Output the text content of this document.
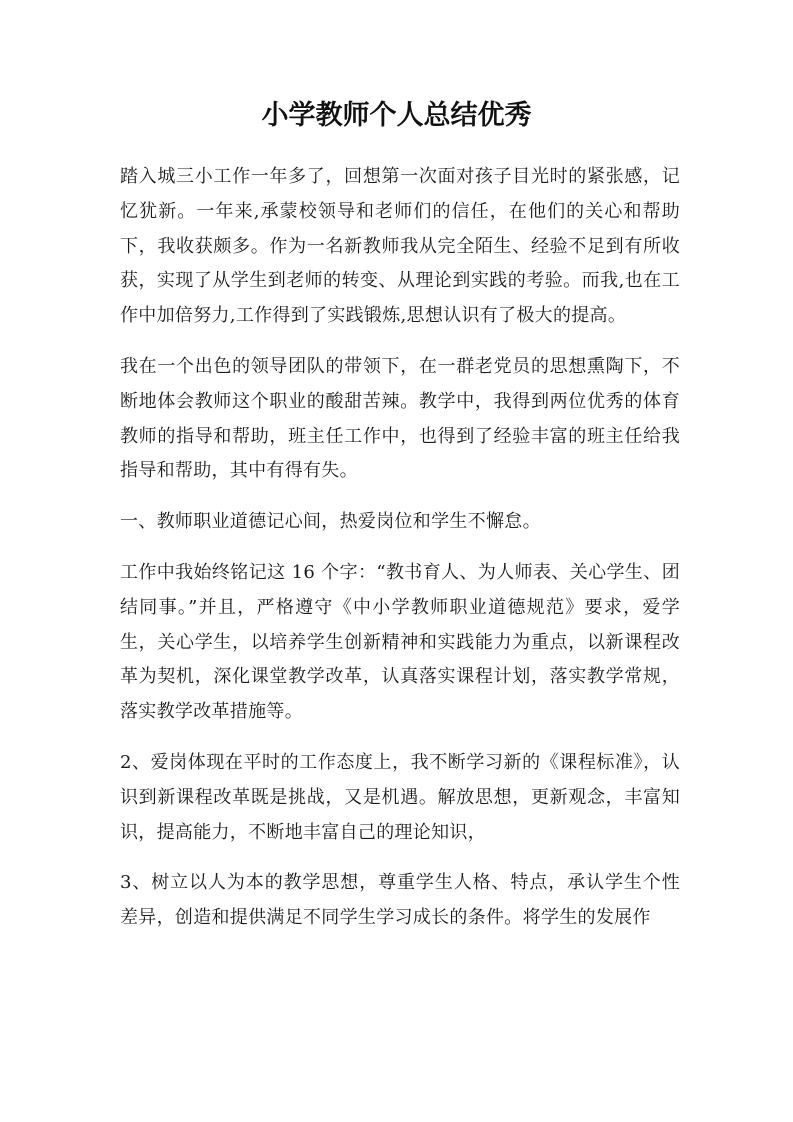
小学教师个人总结优秀

踏入城三小工作一年多了，回想第一次面对孩子目光时的紧张感，记忆犹新。一年来,承蒙校领导和老师们的信任，在他们的关心和帮助下，我收获颇多。作为一名新教师我从完全陌生、经验不足到有所收获，实现了从学生到老师的转变、从理论到实践的考验。而我,也在工作中加倍努力,工作得到了实践锻炼,思想认识有了极大的提高。

我在一个出色的领导团队的带领下，在一群老党员的思想熏陶下，不断地体会教师这个职业的酸甜苦辣。教学中，我得到两位优秀的体育教师的指导和帮助，班主任工作中，也得到了经验丰富的班主任给我指导和帮助，其中有得有失。

一、教师职业道德记心间，热爱岗位和学生不懈怠。

工作中我始终铭记这 16 个字：“教书育人、为人师表、关心学生、团结同事。”并且，严格遵守《中小学教师职业道德规范》要求，爱学生，关心学生，以培养学生创新精神和实践能力为重点，以新课程改革为契机，深化课堂教学改革，认真落实课程计划，落实教学常规，落实教学改革措施等。

2、爱岗体现在平时的工作态度上，我不断学习新的《课程标准》，认识到新课程改革既是挑战，又是机遇。解放思想，更新观念，丰富知识，提高能力，不断地丰富自己的理论知识，

3、树立以人为本的教学思想，尊重学生人格、特点，承认学生个性差异，创造和提供满足不同学生学习成长的条件。将学生的发展作
